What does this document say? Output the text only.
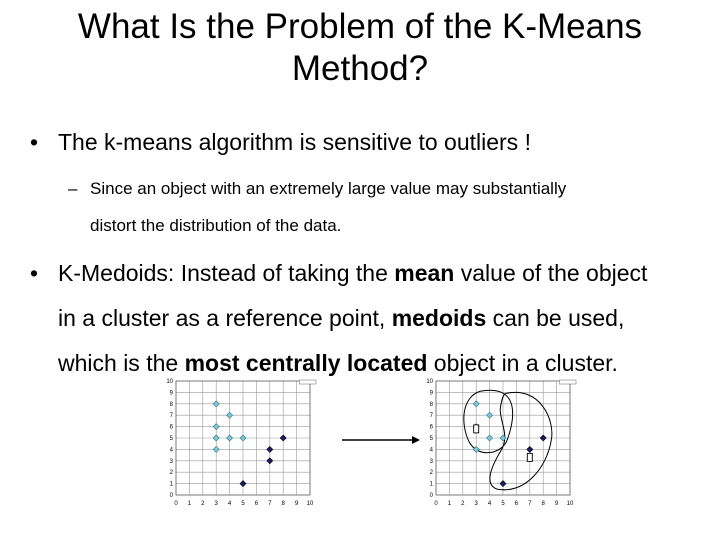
What Is the Problem of the K-Means
Method?
• The k-means algorithm is sensitive to outliers !
– Since an object with an extremely large value may substantially
distort the distribution of the data.
• K-Medoids: Instead of taking the mean value of the object
in a cluster as a reference point, medoids can be used,
which is the most centrally located object in a cluster.
0 1 2 3 4 5 6 7 8 9 10
0
1
2
3
4
5
6
7
8
9
10
0 1 2 3 4 5 6 7 8 9 10
0
1
2
3
4
5
6
7
8
9
10
